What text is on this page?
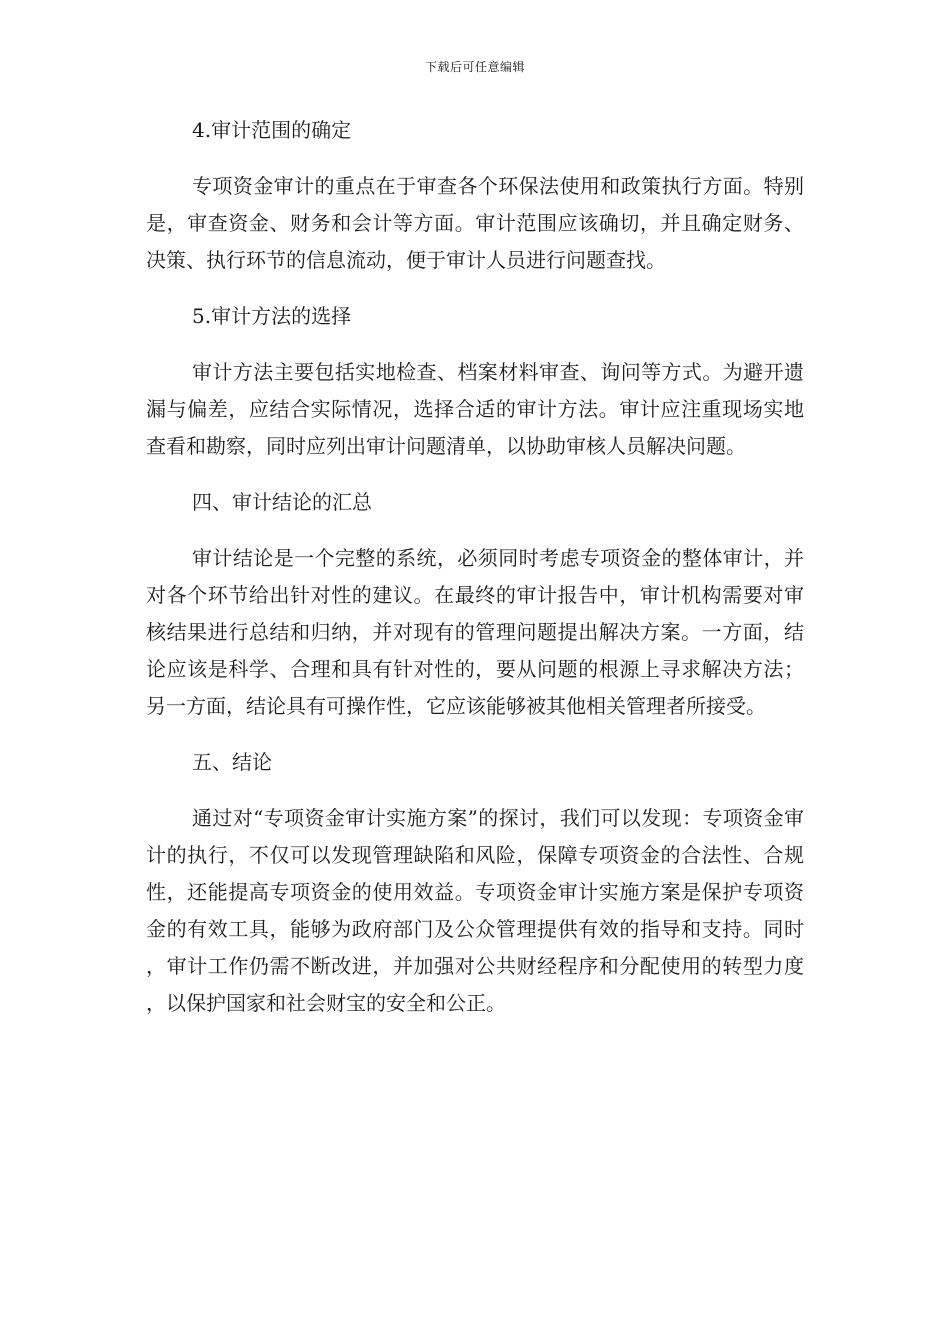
下载后可任意编辑
4.审计范围的确定

专项资金审计的重点在于审查各个环保法使用和政策执行方面。特别是，审查资金、财务和会计等方面。审计范围应该确切，并且确定财务、决策、执行环节的信息流动，便于审计人员进行问题查找。

5.审计方法的选择

审计方法主要包括实地检查、档案材料审查、询问等方式。为避开遗漏与偏差，应结合实际情况，选择合适的审计方法。审计应注重现场实地查看和勘察，同时应列出审计问题清单，以协助审核人员解决问题。

四、审计结论的汇总

审计结论是一个完整的系统，必须同时考虑专项资金的整体审计，并对各个环节给出针对性的建议。在最终的审计报告中，审计机构需要对审核结果进行总结和归纳，并对现有的管理问题提出解决方案。一方面，结论应该是科学、合理和具有针对性的，要从问题的根源上寻求解决方法；另一方面，结论具有可操作性，它应该能够被其他相关管理者所接受。

五、结论

通过对“专项资金审计实施方案”的探讨，我们可以发现：专项资金审计的执行，不仅可以发现管理缺陷和风险，保障专项资金的合法性、合规性，还能提高专项资金的使用效益。专项资金审计实施方案是保护专项资金的有效工具，能够为政府部门及公众管理提供有效的指导和支持。同时，审计工作仍需不断改进，并加强对公共财经程序和分配使用的转型力度，以保护国家和社会财宝的安全和公正。
